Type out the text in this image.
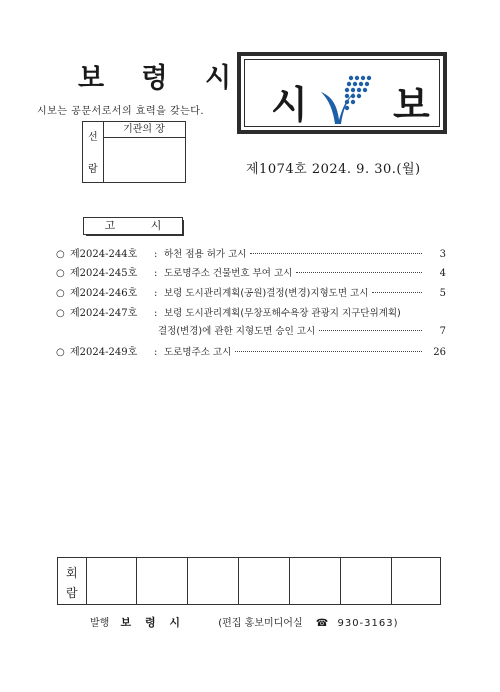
보 령 시
시보는 공문서로서의 효력을 갖는다.
선
람
기관의 장
시 보
제1074호 2024. 9. 30.(월)
고 시
○ 제2024-244호	: 하천 점용 허가 고시	3
○ 제2024-245호	: 도로명주소 건물번호 부여 고시	4
○ 제2024-246호	: 보령 도시관리계획(공원)결정(변경)지형도면 고시	5
○ 제2024-247호	: 보령 도시관리계획(무창포해수욕장 관광지 지구단위계획)
결정(변경)에 관한 지형도면 승인 고시	7
○ 제2024-249호	: 도로명주소 고시	26
회
람
발행 보 령 시	(편집 홍보미디어실 ☎ 930-3163)
